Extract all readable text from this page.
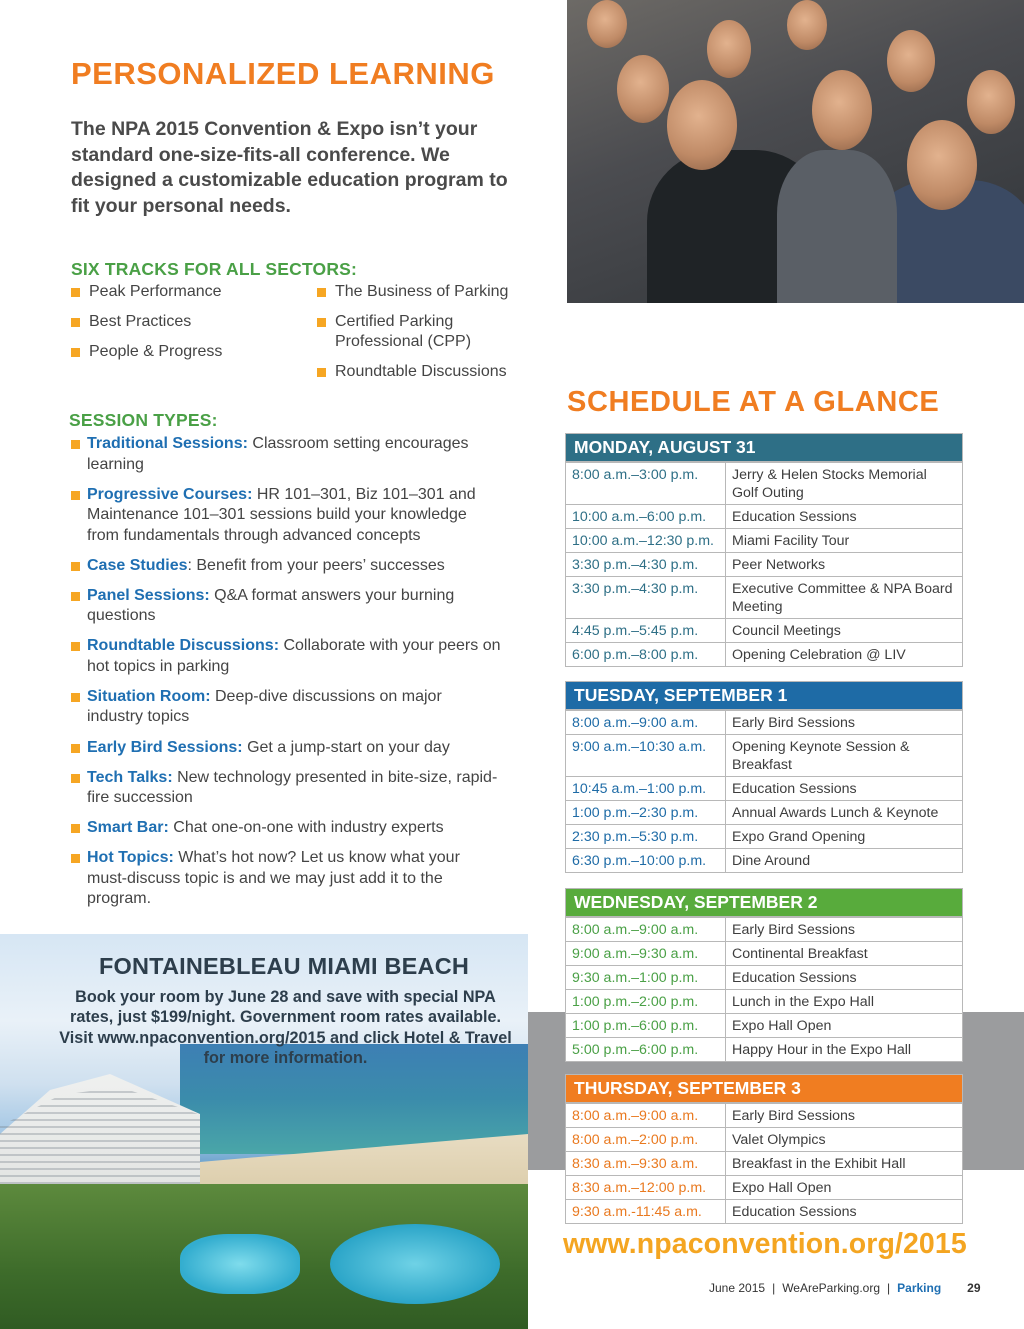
PERSONALIZED LEARNING

The NPA 2015 Convention & Expo isn’t your standard one-size-fits-all conference. We designed a customizable education program to fit your personal needs.

SIX TRACKS FOR ALL SECTORS:
Peak Performance
Best Practices
People & Progress
The Business of Parking
Certified Parking Professional (CPP)
Roundtable Discussions
SESSION TYPES:
Traditional Sessions: Classroom setting encourages learning
Progressive Courses: HR 101–301, Biz 101–301 and Maintenance 101–301 sessions build your knowledge from fundamentals through advanced concepts
Case Studies: Benefit from your peers’ successes
Panel Sessions: Q&A format answers your burning questions
Roundtable Discussions: Collaborate with your peers on hot topics in parking
Situation Room: Deep-dive discussions on major industry topics
Early Bird Sessions: Get a jump-start on your day
Tech Talks: New technology presented in bite-size, rapid-fire succession
Smart Bar: Chat one-on-one with industry experts
Hot Topics: What’s hot now? Let us know what your must-discuss topic is and we may just add it to the program.
FONTAINEBLEAU MIAMI BEACH

Book your room by June 28 and save with special NPA rates, just $199/night. Government room rates available. Visit www.npaconvention.org/2015 and click Hotel & Travel for more information.

SCHEDULE AT A GLANCE
MONDAY, AUGUST 31
8:00 a.m.–3:00 p.m.	Jerry & Helen Stocks Memorial Golf Outing
10:00 a.m.–6:00 p.m.	Education Sessions
10:00 a.m.–12:30 p.m.	Miami Facility Tour
3:30 p.m.–4:30 p.m.	Peer Networks
3:30 p.m.–4:30 p.m.	Executive Committee & NPA Board Meeting
4:45 p.m.–5:45 p.m.	Council Meetings
6:00 p.m.–8:00 p.m.	Opening Celebration @ LIV
TUESDAY, SEPTEMBER 1
8:00 a.m.–9:00 a.m.	Early Bird Sessions
9:00 a.m.–10:30 a.m.	Opening Keynote Session & Breakfast
10:45 a.m.–1:00 p.m.	Education Sessions
1:00 p.m.–2:30 p.m.	Annual Awards Lunch & Keynote
2:30 p.m.–5:30 p.m.	Expo Grand Opening
6:30 p.m.–10:00 p.m.	Dine Around
WEDNESDAY, SEPTEMBER 2
8:00 a.m.–9:00 a.m.	Early Bird Sessions
9:00 a.m.–9:30 a.m.	Continental Breakfast
9:30 a.m.–1:00 p.m.	Education Sessions
1:00 p.m.–2:00 p.m.	Lunch in the Expo Hall
1:00 p.m.–6:00 p.m.	Expo Hall Open
5:00 p.m.–6:00 p.m.	Happy Hour in the Expo Hall
THURSDAY, SEPTEMBER 3
8:00 a.m.–9:00 a.m.	Early Bird Sessions
8:00 a.m.–2:00 p.m.	Valet Olympics
8:30 a.m.–9:30 a.m.	Breakfast in the Exhibit Hall
8:30 a.m.–12:00 p.m.	Expo Hall Open
9:30 a.m.-11:45 a.m.	Education Sessions

www.npaconvention.org/2015

June 2015 | WeAreParking.org | Parking 29
